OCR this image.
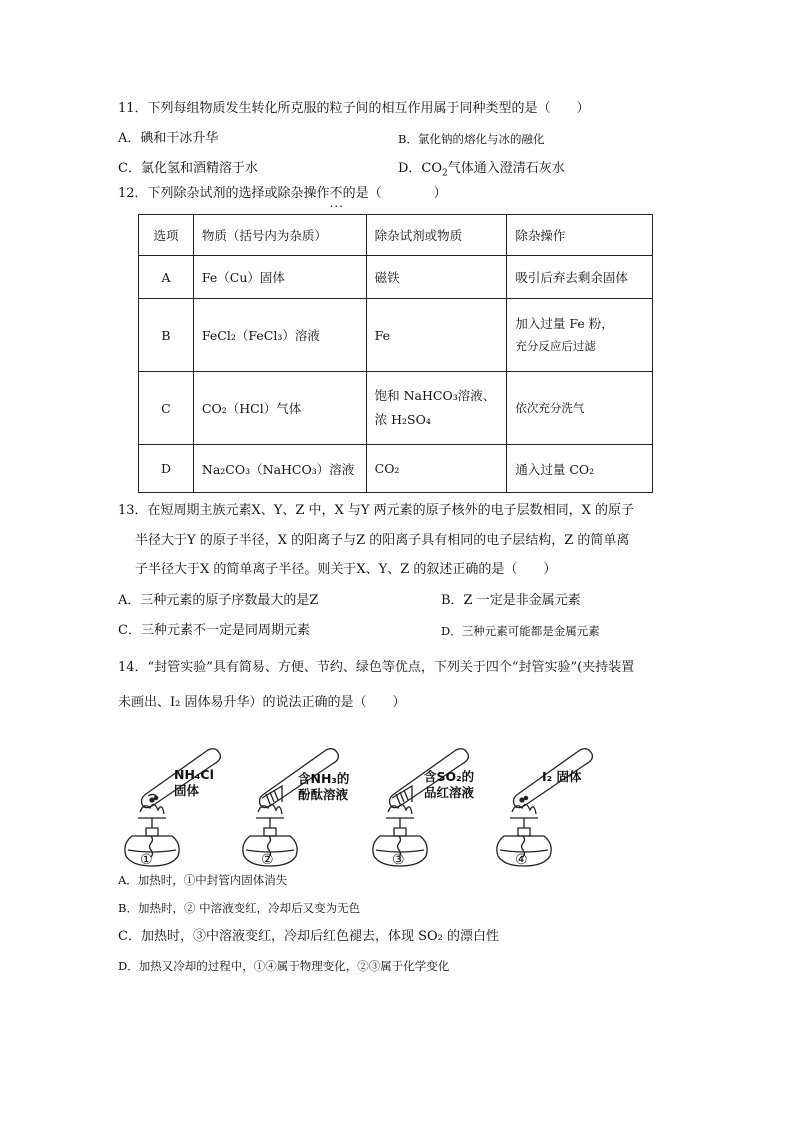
11．下列每组物质发生转化所克服的粒子间的相互作用属于同种类型的是（　　）
A．碘和干冰升华	B．氯化钠的熔化与冰的融化
C．氯化氢和酒精溶于水	D．$CO_2$气体通入澄清石灰水
12．下列除杂试剂的选择或除杂操作不 ...的是（　　　　）
选项	物质（括号内为杂质）	除杂试剂或物质	除杂操作
A	Fe（Cu）固体	磁铁	吸引后弃去剩余固体
B	FeCl₂（FeCl₃）溶液	Fe	加入过量 Fe 粉，
充分反应后过滤

C	CO₂（HCl）气体	饱和 NaHCO₃溶液、
浓 H₂SO₄	依次充分洗气
D	Na₂CO₃（NaHCO₃）溶液	CO₂	通入过量 CO₂
13．在短周期主族元素X、Y、Z 中，X 与Y 两元素的原子核外的电子层数相同，X 的原子
半径大于Y 的原子半径，X 的阳离子与Z 的阳离子具有相同的电子层结构，Z 的简单离
子半径大于X 的简单离子半径。则关于X、Y、Z 的叙述正确的是（　　）
A．三种元素的原子序数最大的是Z	B．Z 一定是非金属元素
C．三种元素不一定是同周期元素	D．三种元素可能都是金属元素
14．“封管实验”具有简易、方便、节约、绿色等优点，下列关于四个“封管实验”(夹持装置
未画出、I₂ 固体易升华）的说法正确的是（　　）
NH₄Cl
固体
含NH₃的
酚酞溶液
含SO₂的
品红溶液
I₂ 固体
①	②	③	④
A．加热时，①中封管内固体消失
B．加热时，② 中溶液变红，冷却后又变为无色
C．加热时，③中溶液变红，冷却后红色褪去，体现 SO₂ 的漂白性
D．加热又冷却的过程中，①④属于物理变化，②③属于化学变化
